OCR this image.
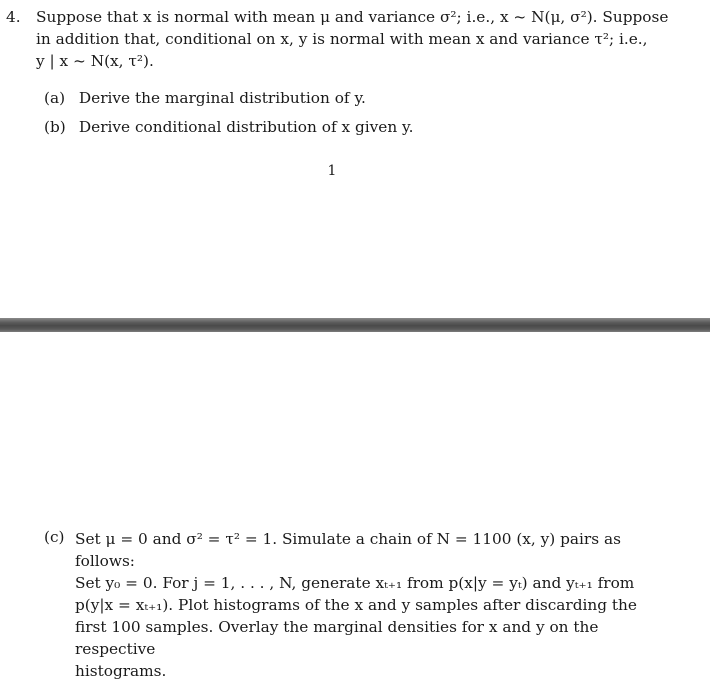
4. Suppose that x is normal with mean μ and variance σ²; i.e., x ~ N(μ, σ²). Suppose
in addition that, conditional on x, y is normal with mean x and variance τ²; i.e.,
y | x ~ N(x, τ²).
(a) Derive the marginal distribution of y.
(b) Derive conditional distribution of x given y.
1
(c) Set μ = 0 and σ² = τ² = 1. Simulate a chain of N = 1100 (x, y) pairs as
follows:
Set y₀ = 0. For j = 1, . . . , N, generate xₜ₊₁ from p(x|y = yₜ) and yₜ₊₁ from
p(y|x = xₜ₊₁). Plot histograms of the x and y samples after discarding the
first 100 samples. Overlay the marginal densities for x and y on the respective
histograms.
